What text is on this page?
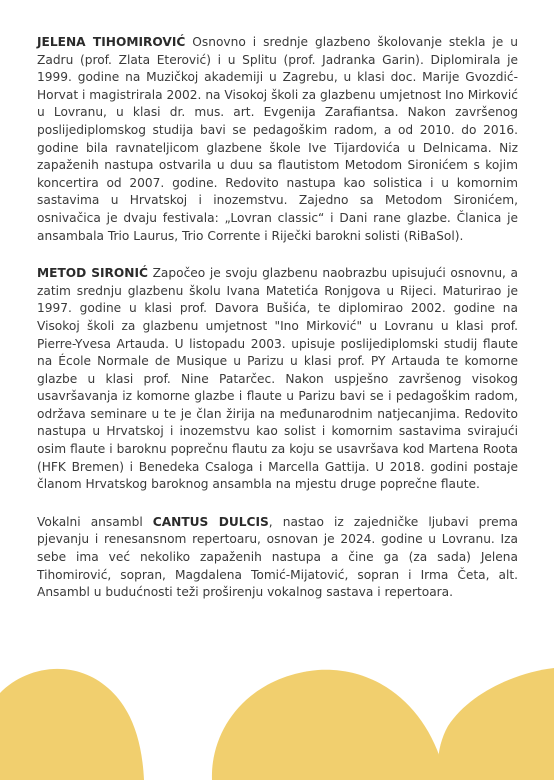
JELENA TIHOMIROVIĆ Osnovno i srednje glazbeno školovanje stekla je u Zadru (prof. Zlata Eterović) i u Splitu (prof. Jadranka Garin). Diplomirala je 1999. godine na Muzičkoj akademiji u Zagrebu, u klasi doc. Marije Gvozdić-Horvat i magistrirala 2002. na Visokoj školi za glazbenu umjetnost Ino Mirković u Lovranu, u klasi dr. mus. art. Evgenija Zarafiantsa. Nakon završenog poslijediplomskog studija bavi se pedagoškim radom, a od 2010. do 2016. godine bila ravnateljicom glazbene škole Ive Tijardovića u Delnicama. Niz zapaženih nastupa ostvarila u duu sa flautistom Metodom Sironićem s kojim koncertira od 2007. godine. Redovito nastupa kao solistica i u komornim sastavima u Hrvatskoj i inozemstvu. Zajedno sa Metodom Sironićem, osnivačica je dvaju festivala: „Lovran classic“ i Dani rane glazbe. Članica je ansambala Trio Laurus, Trio Corrente i Riječki barokni solisti (RiBaSol).

METOD SIRONIĆ Započeo je svoju glazbenu naobrazbu upisujući osnovnu, a zatim srednju glazbenu školu Ivana Matetića Ronjgova u Rijeci. Maturirao je 1997. godine u klasi prof. Davora Bušića, te diplomirao 2002. godine na Visokoj školi za glazbenu umjetnost "Ino Mirković" u Lovranu u klasi prof. Pierre-Yvesa Artauda. U listopadu 2003. upisuje poslijediplomski studij flaute na École Normale de Musique u Parizu u klasi prof. PY Artauda te komorne glazbe u klasi prof. Nine Patarčec. Nakon uspješno završenog visokog usavršavanja iz komorne glazbe i flaute u Parizu bavi se i pedagoškim radom, održava seminare u te je član žirija na međunarodnim natjecanjima. Redovito nastupa u Hrvatskoj i inozemstvu kao solist i komornim sastavima svirajući osim flaute i baroknu poprečnu flautu za koju se usavršava kod Martena Roota (HFK Bremen) i Benedeka Csaloga i Marcella Gattija. U 2018. godini postaje članom Hrvatskog baroknog ansambla na mjestu druge poprečne flaute.

Vokalni ansambl CANTUS DULCIS, nastao iz zajedničke ljubavi prema pjevanju i renesansnom repertoaru, osnovan je 2024. godine u Lovranu. Iza sebe ima već nekoliko zapaženih nastupa a čine ga (za sada) Jelena Tihomirović, sopran, Magdalena Tomić-Mijatović, sopran i Irma Četa, alt. Ansambl u budućnosti teži proširenju vokalnog sastava i repertoara.
